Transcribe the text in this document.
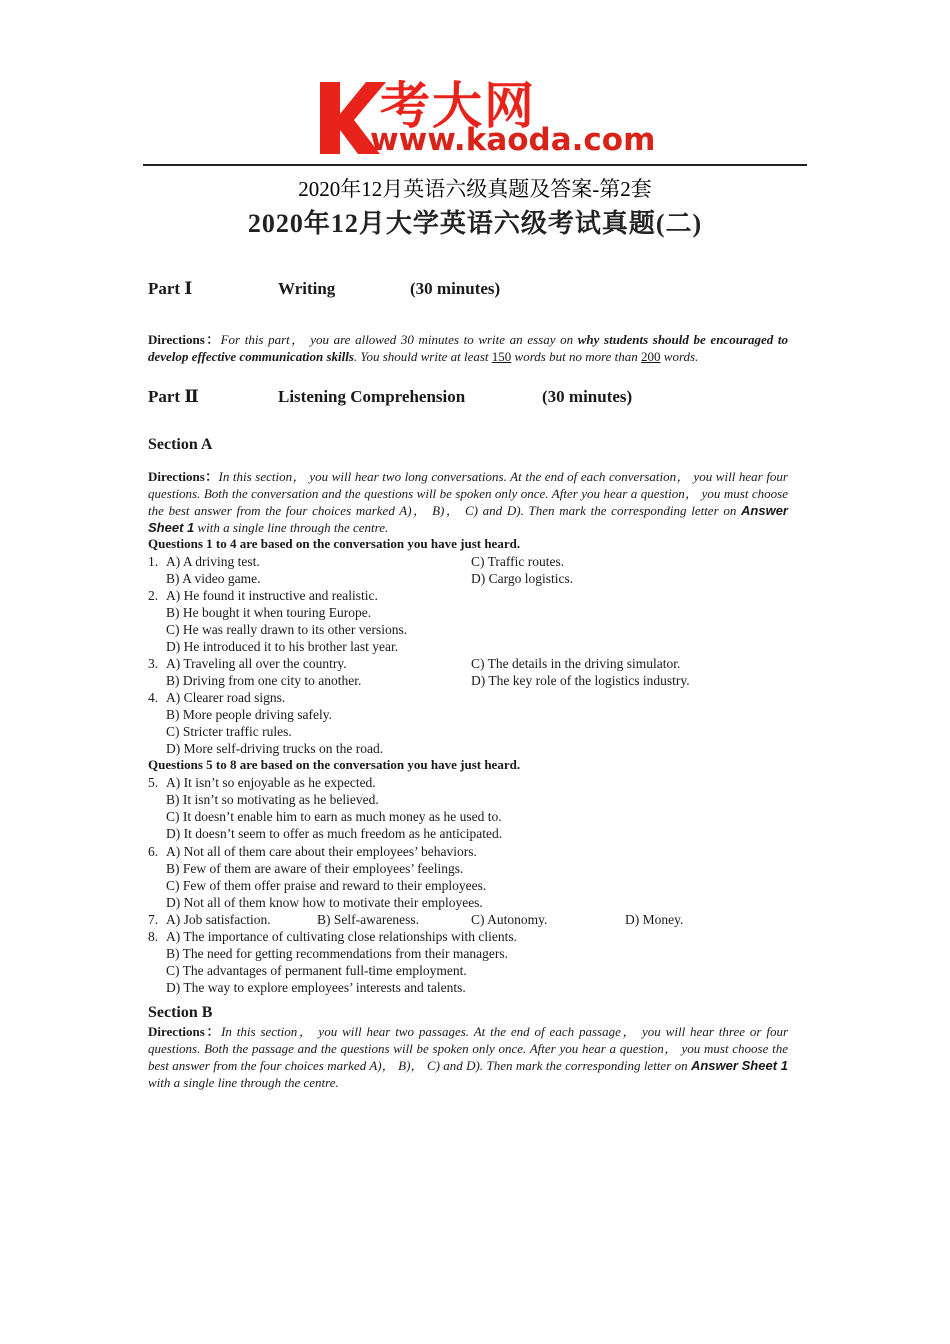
考大网
www.kaoda.com
2020年12月英语六级真题及答案-第2套
2020年12月大学英语六级考试真题(二)
Part Ⅰ	Writing	(30 minutes)
Directions：For this part， you are allowed 30 minutes to write an essay on why students should be encouraged to develop effective communication skills. You should write at least 150 words but no more than 200 words.
Part Ⅱ	Listening Comprehension	(30 minutes)
Section A
Directions：In this section， you will hear two long conversations. At the end of each conversation， you will hear four questions. Both the conversation and the questions will be spoken only once. After you hear a question， you must choose the best answer from the four choices marked A)， B)， C) and D). Then mark the corresponding letter on Answer Sheet 1 with a single line through the centre.
Questions 1 to 4 are based on the conversation you have just heard.
1. A) A driving test.	C) Traffic routes.
B) A video game.	D) Cargo logistics.
2. A) He found it instructive and realistic.
B) He bought it when touring Europe.
C) He was really drawn to its other versions.
D) He introduced it to his brother last year.
3. A) Traveling all over the country.	C) The details in the driving simulator.
B) Driving from one city to another.	D) The key role of the logistics industry.
4. A) Clearer road signs.
B) More people driving safely.
C) Stricter traffic rules.
D) More self-driving trucks on the road.
Questions 5 to 8 are based on the conversation you have just heard.
5. A) It isn’t so enjoyable as he expected.
B) It isn’t so motivating as he believed.
C) It doesn’t enable him to earn as much money as he used to.
D) It doesn’t seem to offer as much freedom as he anticipated.
6. A) Not all of them care about their employees’ behaviors.
B) Few of them are aware of their employees’ feelings.
C) Few of them offer praise and reward to their employees.
D) Not all of them know how to motivate their employees.
7. A) Job satisfaction.	B) Self-awareness.	C) Autonomy.	D) Money.
8. A) The importance of cultivating close relationships with clients.
B) The need for getting recommendations from their managers.
C) The advantages of permanent full-time employment.
D) The way to explore employees’ interests and talents.
Section B
Directions：In this section， you will hear two passages. At the end of each passage， you will hear three or four questions. Both the passage and the questions will be spoken only once. After you hear a question， you must choose the best answer from the four choices marked A)， B)， C) and D). Then mark the corresponding letter on Answer Sheet 1 with a single line through the centre.
